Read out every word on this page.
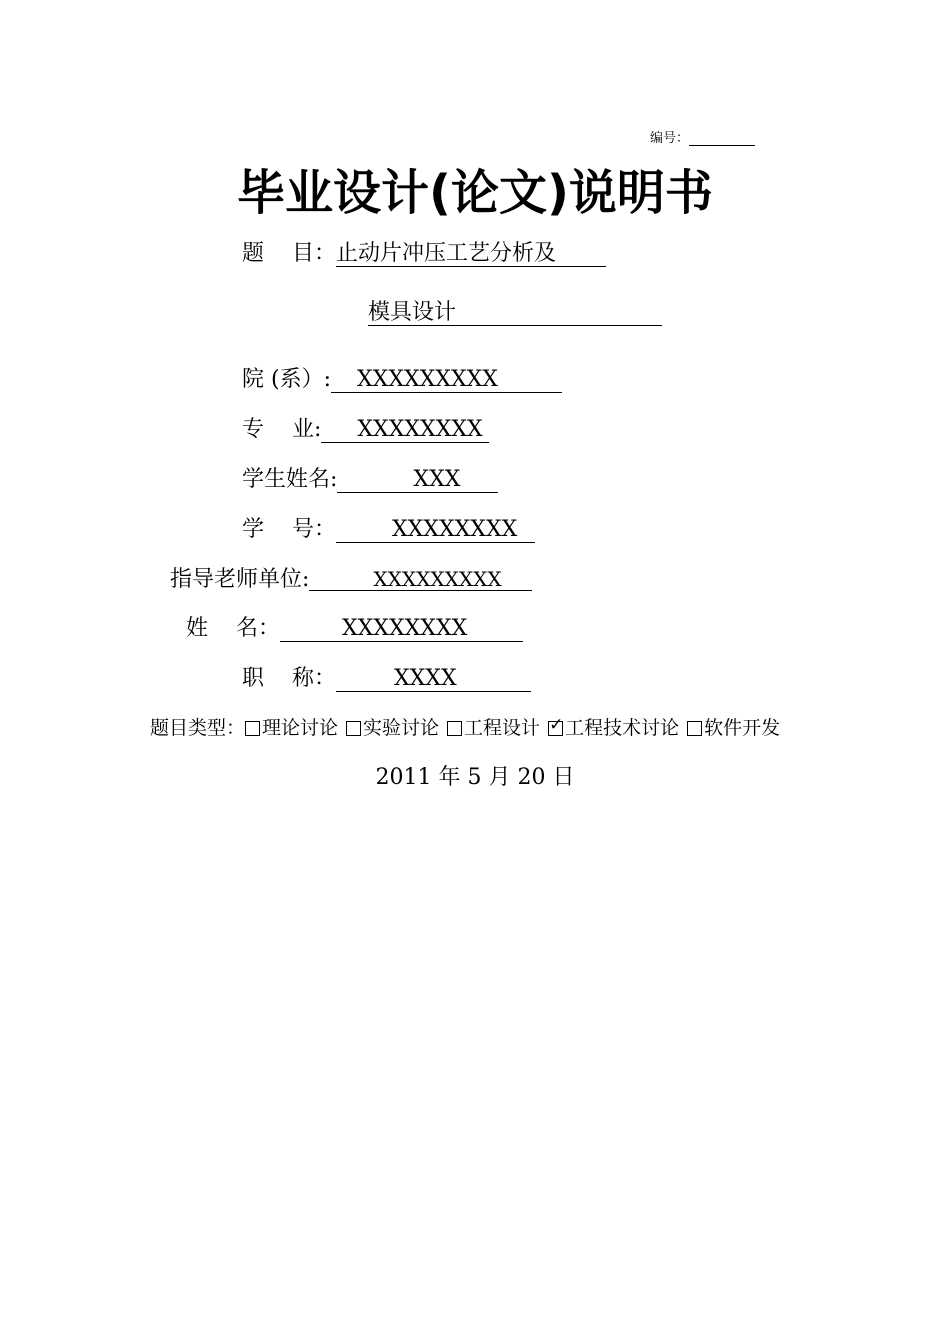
编号：
毕业设计(论文)说明书
题    目：止动片冲压工艺分析及
模具设计
院 (系）: XXXXXXXXX
专    业: XXXXXXXX
学生姓名:	XXX
学    号：	XXXXXXXX
指导老师单位:	XXXXXXXXX
姓    名：	XXXXXXXX
职    称：	XXXX
题目类型： 理论讨论 实验讨论 工程设计 ✓ 工程技术讨论 软件开发
2011 年 5 月 20 日
